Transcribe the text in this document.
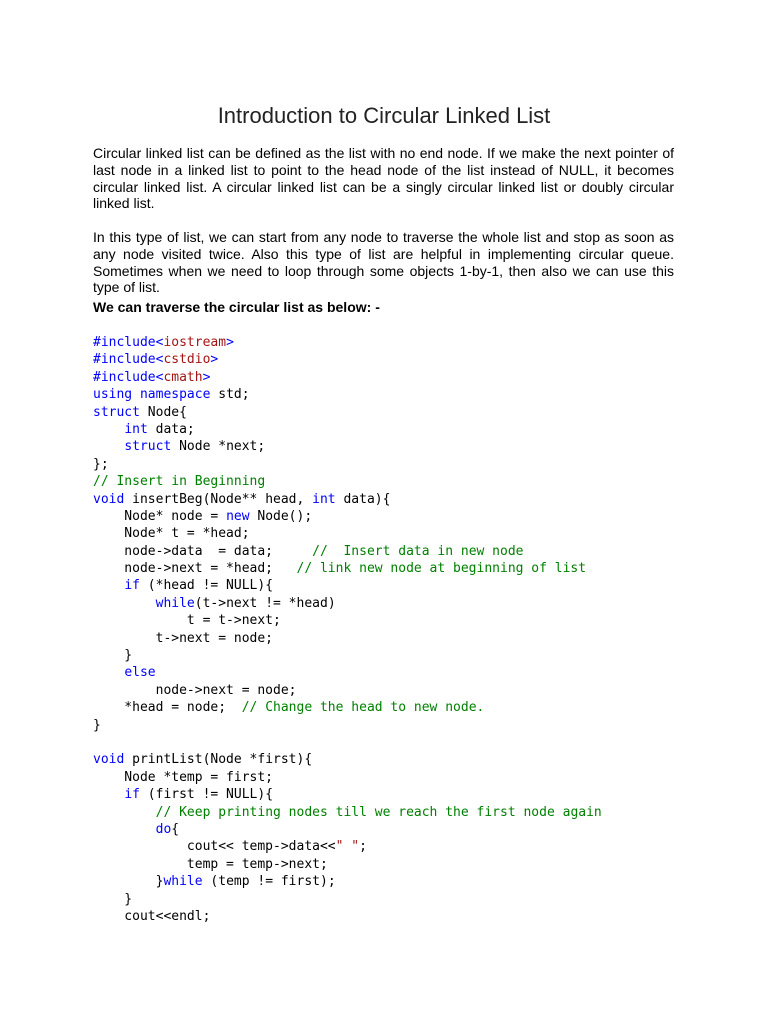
Introduction to Circular Linked List

Circular linked list can be defined as the list with no end node. If we make the next pointer of last node in a linked list to point to the head node of the list instead of NULL, it becomes circular linked list. A circular linked list can be a singly circular linked list or doubly circular linked list.

In this type of list, we can start from any node to traverse the whole list and stop as soon as any node visited twice. Also this type of list are helpful in implementing circular queue. Sometimes when we need to loop through some objects 1-by-1, then also we can use this type of list.

We can traverse the circular list as below: -
#include<iostream>
#include<cstdio>
#include<cmath>
using namespace std;
struct Node{
int data;
struct Node *next;
};
// Insert in Beginning
void insertBeg(Node** head, int data){
Node* node = new Node();
Node* t = *head;
node->data  = data;     //  Insert data in new node
node->next = *head;   // link new node at beginning of list
if (*head != NULL){
while(t->next != *head)
t = t->next;
t->next = node;
}
else
node->next = node;
*head = node;  // Change the head to new node.
}
void printList(Node *first){
Node *temp = first;
if (first != NULL){
// Keep printing nodes till we reach the first node again
do{
cout<< temp->data<<" ";
temp = temp->next;
}while (temp != first);
}
cout<<endl;
